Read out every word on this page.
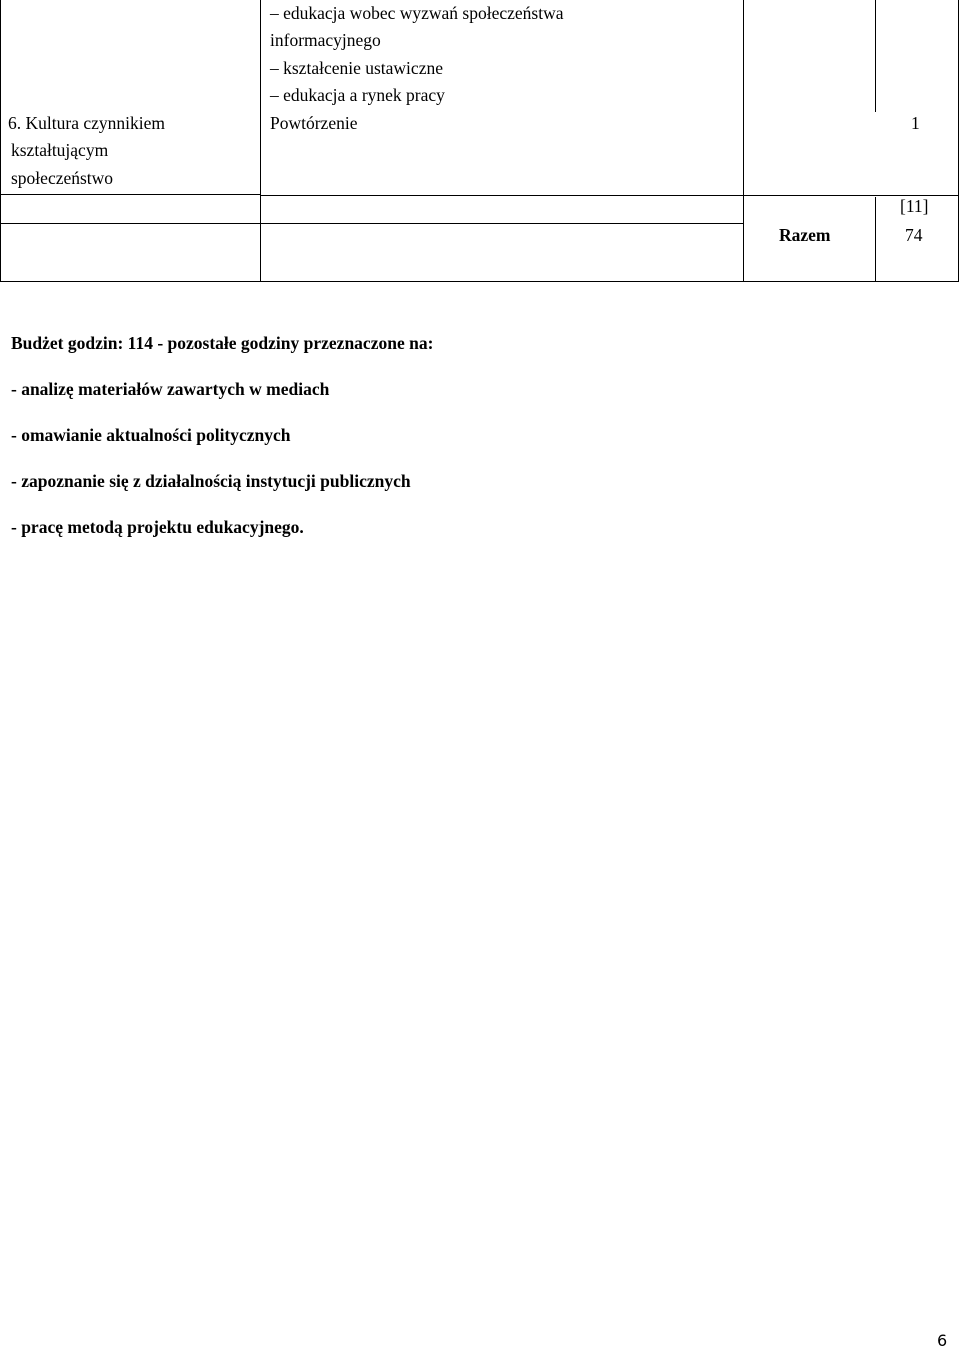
6. Kultura czynnikiem
kształtującym
społeczeństwo
– edukacja wobec wyzwań społeczeństwa
informacyjnego
– kształcenie ustawiczne
– edukacja a rynek pracy
Powtórzenie	1
[11]
Razem	74
Budżet godzin: 114 - pozostałe godziny przeznaczone na:
- analizę materiałów zawartych w mediach
- omawianie aktualności politycznych
- zapoznanie się z działalnością instytucji publicznych
- pracę metodą projektu edukacyjnego.
6
